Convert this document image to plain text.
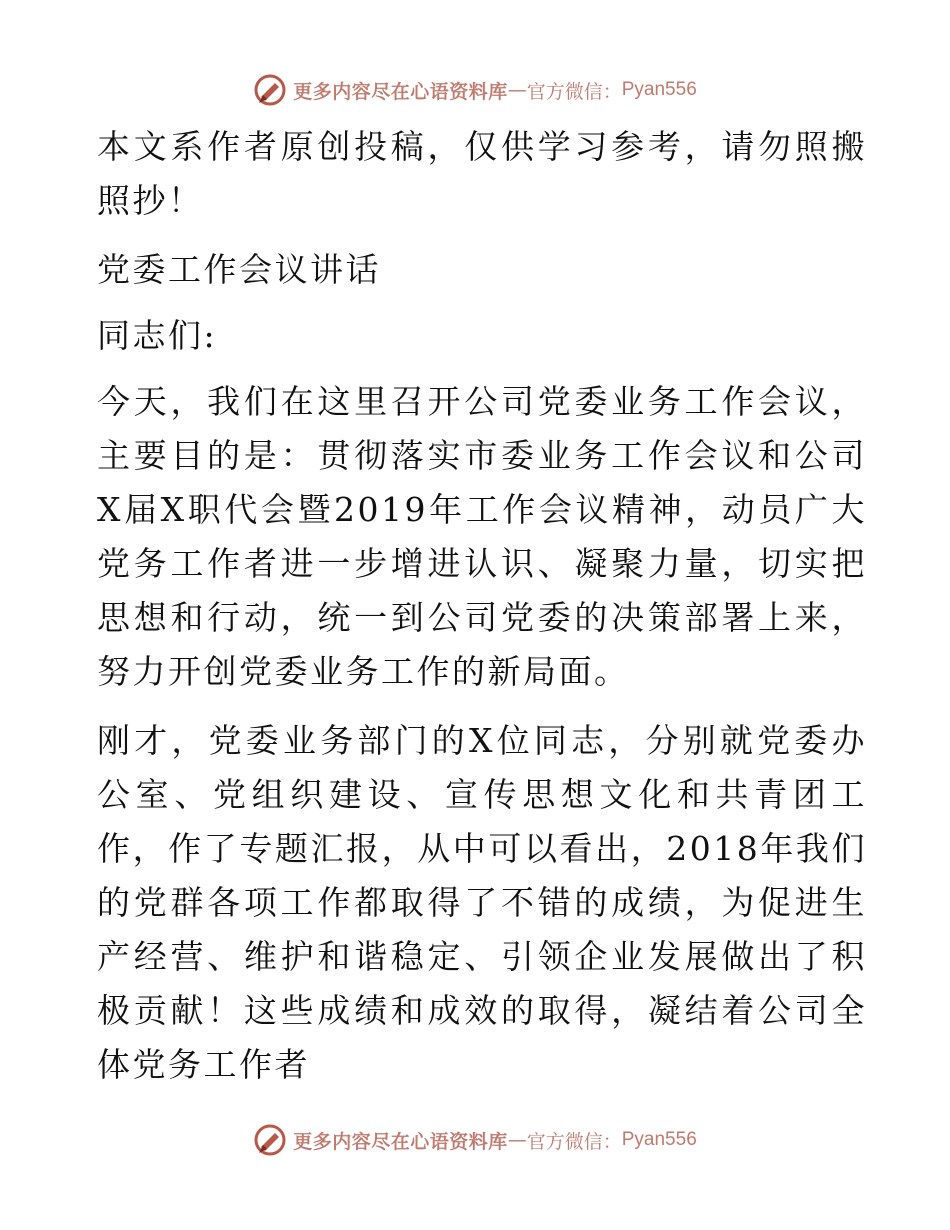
更多内容尽在心语资料库 — 官方微信： Pyan556

本文系作者原创投稿，仅供学习参考，请勿照搬照抄！

党委工作会议讲话

同志们:

今天，我们在这里召开公司党委业务工作会议，主要目的是：贯彻落实市委业务工作会议和公司X届X职代会暨2019年工作会议精神，动员广大党务工作者进一步增进认识、凝聚力量，切实把思想和行动，统一到公司党委的决策部署上来，努力开创党委业务工作的新局面。

刚才，党委业务部门的X位同志，分别就党委办公室、党组织建设、宣传思想文化和共青团工作，作了专题汇报，从中可以看出，2018年我们的党群各项工作都取得了不错的成绩，为促进生产经营、维护和谐稳定、引领企业发展做出了积极贡献！这些成绩和成效的取得，凝结着公司全体党务工作者

更多内容尽在心语资料库 — 官方微信： Pyan556
